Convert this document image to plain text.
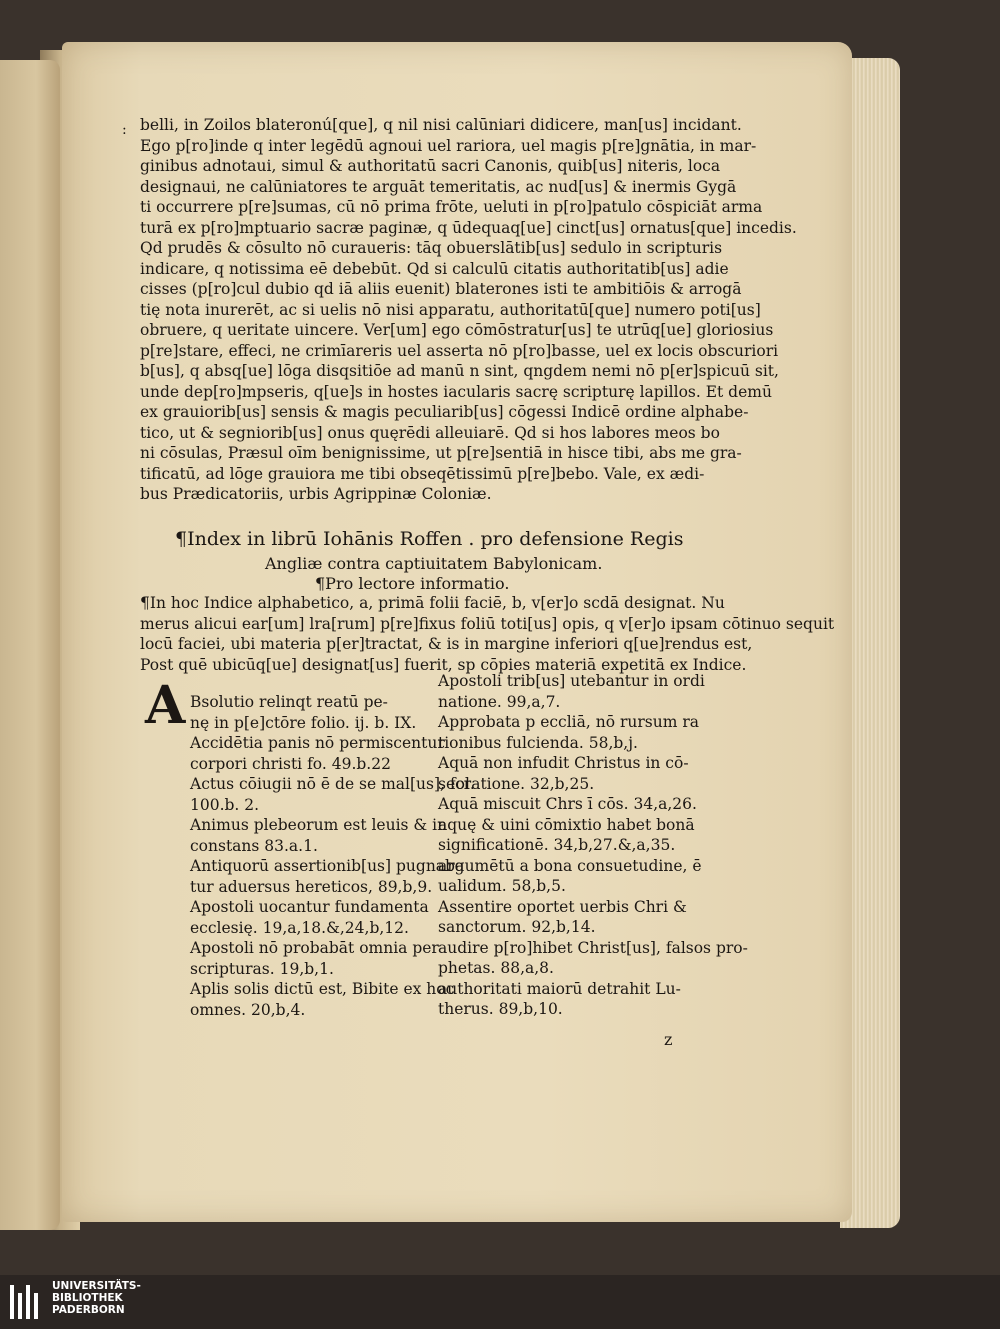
: belli, in Zoilos blateronú[que], q nil nisi calūniari didicere, man[us] incidant.
Ego p[ro]inde q inter legēdū agnoui uel rariora, uel magis p[re]gnātia, in mar-
ginibus adnotaui, simul & authoritatū sacri Canonis, quib[us] niteris, loca
designaui, ne calūniatores te arguāt temeritatis, ac nud[us] & inermis Gygā
ti occurrere p[re]sumas, cū nō prima frōte, ueluti in p[ro]patulo cōspiciāt arma
turā ex p[ro]mptuario sacræ paginæ, q ūdequaq[ue] cinct[us] ornatus[que] incedis.
Qd prudēs & cōsulto nō curaueris: tāq obuerslātib[us] sedulo in scripturis
indicare, q notissima eē debebūt. Qd si calculū citatis authoritatib[us] adie
cisses (p[ro]cul dubio qd iā aliis euenit) blaterones isti te ambitiōis & arrogā
tię nota inurerēt, ac si uelis nō nisi apparatu, authoritatū[que] numero poti[us]
obruere, q ueritate uincere. Ver[um] ego cōmōstratur[us] te utrūq[ue] gloriosius
p[re]stare, effeci, ne crimīareris uel asserta nō p[ro]basse, uel ex locis obscuriori
b[us], q absq[ue] lōga disqsitiōe ad manū n sint, qngdem nemi nō p[er]spicuū sit,
unde dep[ro]mpseris, q[ue]s in hostes iacularis sacrę scripturę lapillos. Et demū
ex grauiorib[us] sensis & magis peculiarib[us] cōgessi Indicē ordine alphabe-
tico, ut & segniorib[us] onus quęrēdi alleuiarē. Qd si hos labores meos bo
ni cōsulas, Præsul oīm benignissime, ut p[re]sentiā in hisce tibi, abs me gra-
tificatū, ad lōge grauiora me tibi obseqētissimū p[re]bebo. Vale, ex ædi-
bus Prædicatoriis, urbis Agrippinæ Coloniæ.
¶Index in librū Iohānis Roffen . pro defensione Regis
Angliæ contra captiuitatem Babylonicam.
¶Pro lectore informatio.
¶In hoc Indice alphabetico, a, primā folii faciē, b, v[er]o scdā designat. Nu
merus alicui ear[um] lra[rum] p[re]fixus foliū toti[us] opis, q v[er]o ipsam cōtinuo sequit
locū faciei, ubi materia p[er]tractat, & is in margine inferiori q[ue]rendus est,
Post quē ubicūq[ue] designat[us] fuerit, sp cōpies materiā expetitā ex Indice.
A Bsolutio relinqt reatū pe-
nę in p[e]ctōre folio. ij. b. IX.
Accidētia panis nō permiscentur
corpori christi fo. 49.b.22
Actus cōiugii nō ē de se mal[us], fol.
100.b. 2.
Animus plebeorum est leuis & in
constans 83.a.1.
Antiquorū assertionib[us] pugnaba
tur aduersus hereticos, 89,b,9.
Apostoli uocantur fundamenta
ecclesię. 19,a,18.&,24,b,12.
Apostoli nō probabāt omnia per
scripturas. 19,b,1.
Aplis solis dictū est, Bibite ex hoc
omnes. 20,b,4.
Apostoli trib[us] utebantur in ordi
natione. 99,a,7.
Approbata p eccliā, nō rursum ra
tionibus fulcienda. 58,b,j.
Aquā non infudit Christus in cō-
secratione. 32,b,25.
Aquā miscuit Chrs ī cōs. 34,a,26.
aquę & uini cōmixtio habet bonā
significationē. 34,b,27.&,a,35.
argumētū a bona consuetudine, ē
ualidum. 58,b,5.
Assentire oportet uerbis Chri &
sanctorum. 92,b,14.
audire p[ro]hibet Christ[us], falsos pro-
phetas. 88,a,8.
authoritati maiorū detrahit Lu-
therus. 89,b,10.
z
UNIVERSITÄTS-
BIBLIOTHEK
PADERBORN
